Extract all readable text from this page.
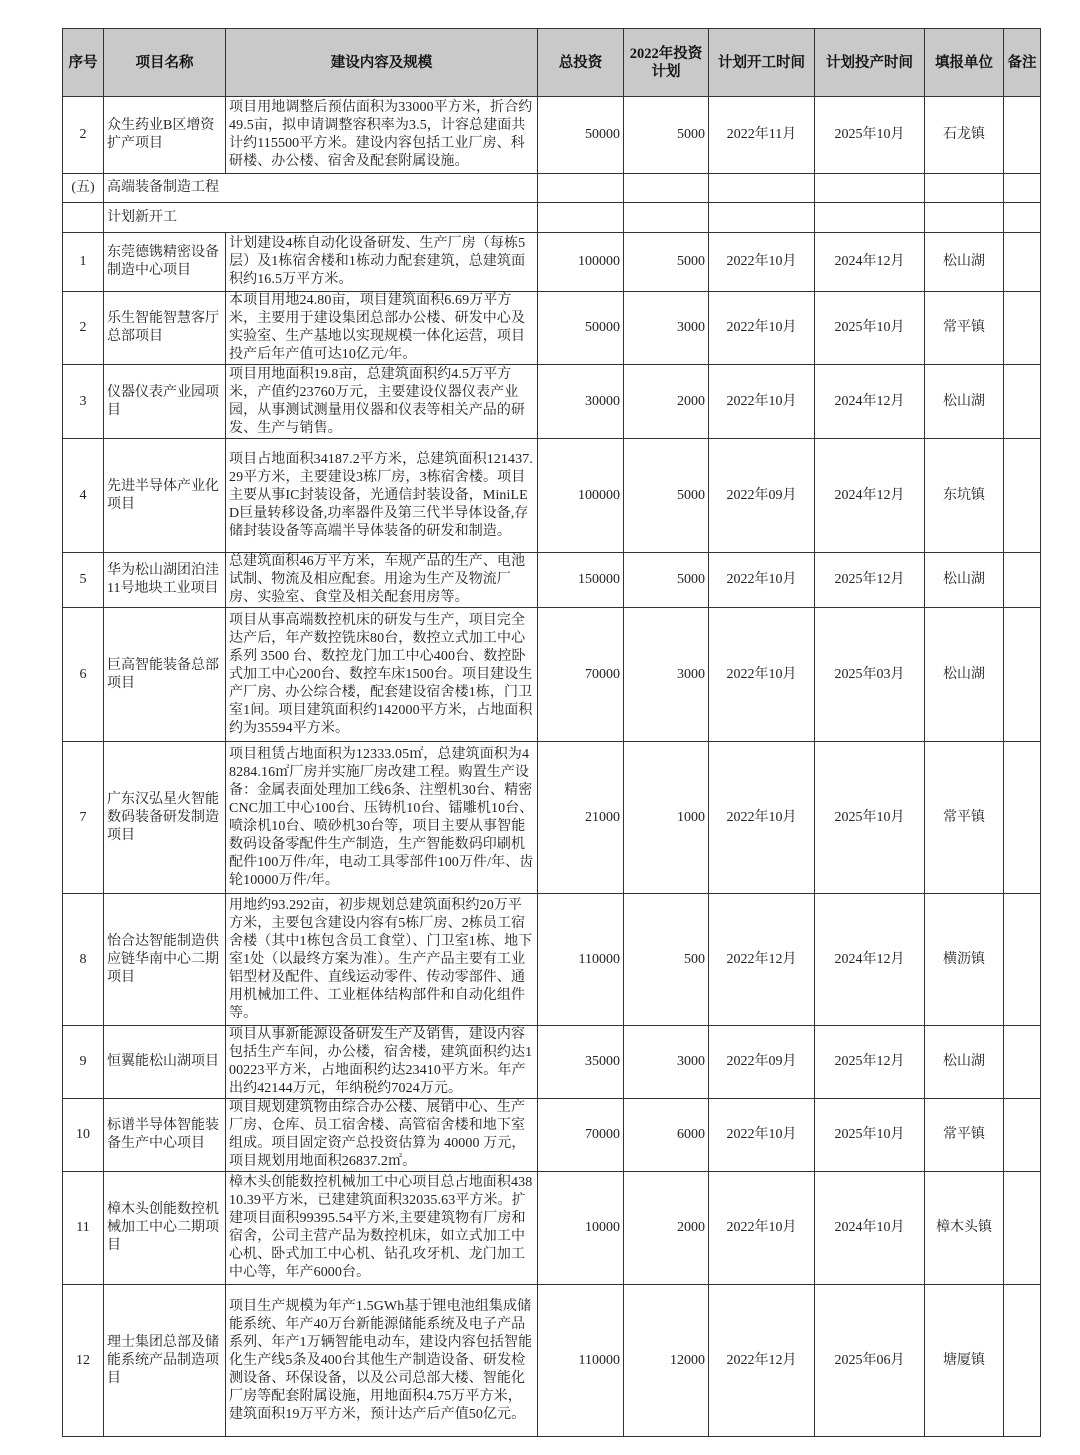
序号	项目名称	建设内容及规模	总投资	2022年投资计划	计划开工时间	计划投产时间	填报单位	备注
2	众生药业B区增资扩产项目	项目用地调整后预估面积为33000平方米，折合约49.5亩，拟申请调整容积率为3.5，计容总建面共计约115500平方米。建设内容包括工业厂房、科研楼、办公楼、宿舍及配套附属设施。	50000	5000	2022年11月	2025年10月	石龙镇	
(五)	高端装备制造工程							
	计划新开工							
1	东莞德镌精密设备制造中心项目	计划建设4栋自动化设备研发、生产厂房（每栋5层）及1栋宿舍楼和1栋动力配套建筑，总建筑面积约16.5万平方米。	100000	5000	2022年10月	2024年12月	松山湖	
2	乐生智能智慧客厅总部项目	本项目用地24.80亩，项目建筑面积6.69万平方米，主要用于建设集团总部办公楼、研发中心及实验室、生产基地以实现规模一体化运营，项目投产后年产值可达10亿元/年。	50000	3000	2022年10月	2025年10月	常平镇	
3	仪器仪表产业园项目	项目用地面积19.8亩，总建筑面积约4.5万平方米，产值约23760万元，主要建设仪器仪表产业园，从事测试测量用仪器和仪表等相关产品的研发、生产与销售。	30000	2000	2022年10月	2024年12月	松山湖	
4	先进半导体产业化项目	项目占地面积34187.2平方米，总建筑面积121437.29平方米，主要建设3栋厂房，3栋宿舍楼。项目主要从事IC封装设备，光通信封装设备，MiniLED巨量转移设备,功率器件及第三代半导体设备,存储封装设备等高端半导体装备的研发和制造。	100000	5000	2022年09月	2024年12月	东坑镇	
5	华为松山湖团泊洼11号地块工业项目	总建筑面积46万平方米，车规产品的生产、电池试制、物流及相应配套。用途为生产及物流厂房、实验室、食堂及相关配套用房等。	150000	5000	2022年10月	2025年12月	松山湖	
6	巨高智能装备总部项目	项目从事高端数控机床的研发与生产，项目完全达产后，年产数控铣床80台，数控立式加工中心系列 3500 台、数控龙门加工中心400台、数控卧式加工中心200台、数控车床1500台。项目建设生产厂房、办公综合楼，配套建设宿舍楼1栋，门卫室1间。项目建筑面积约142000平方米，占地面积约为35594平方米。	70000	3000	2022年10月	2025年03月	松山湖	
7	广东汉弘星火智能数码装备研发制造项目	项目租赁占地面积为12333.05㎡，总建筑面积为48284.16㎡厂房并实施厂房改建工程。购置生产设备：金属表面处理加工线6条、注塑机30台、精密CNC加工中心100台、压铸机10台、镭雕机10台、喷涂机10台、喷砂机30台等，项目主要从事智能数码设备零配件生产制造，生产智能数码印刷机配件100万件/年，电动工具零部件100万件/年、齿轮10000万件/年。	21000	1000	2022年10月	2025年10月	常平镇	
8	怡合达智能制造供应链华南中心二期项目	用地约93.292亩，初步规划总建筑面积约20万平方米，主要包含建设内容有5栋厂房、2栋员工宿舍楼（其中1栋包含员工食堂）、门卫室1栋、地下室1处（以最终方案为准）。生产产品主要有工业铝型材及配件、直线运动零件、传动零部件、通用机械加工件、工业框体结构部件和自动化组件等。	110000	500	2022年12月	2024年12月	横沥镇	
9	恒翼能松山湖项目	项目从事新能源设备研发生产及销售，建设内容包括生产车间，办公楼，宿舍楼，建筑面积约达100223平方米，占地面积约达23410平方米。年产出约42144万元，年纳税约7024万元。	35000	3000	2022年09月	2025年12月	松山湖	
10	标谱半导体智能装备生产中心项目	项目规划建筑物由综合办公楼、展销中心、生产厂房、仓库、员工宿舍楼、高管宿舍楼和地下室组成。项目固定资产总投资估算为 40000 万元，项目规划用地面积26837.2㎡。	70000	6000	2022年10月	2025年10月	常平镇	
11	樟木头创能数控机械加工中心二期项目	樟木头创能数控机械加工中心项目总占地面积43810.39平方米，已建建筑面积32035.63平方米。扩建项目面积99395.54平方米,主要建筑物有厂房和宿舍，公司主营产品为数控机床，如立式加工中心机、卧式加工中心机、钻孔攻牙机、龙门加工中心等，年产6000台。	10000	2000	2022年10月	2024年10月	樟木头镇	
12	理士集团总部及储能系统产品制造项目	项目生产规模为年产1.5GWh基于锂电池组集成储能系统、年产40万台新能源储能系统及电子产品系列、年产1万辆智能电动车，建设内容包括智能化生产线5条及400台其他生产制造设备、研发检测设备、环保设备，以及公司总部大楼、智能化厂房等配套附属设施，用地面积4.75万平方米，建筑面积19万平方米，预计达产后产值50亿元。	110000	12000	2022年12月	2025年06月	塘厦镇	
